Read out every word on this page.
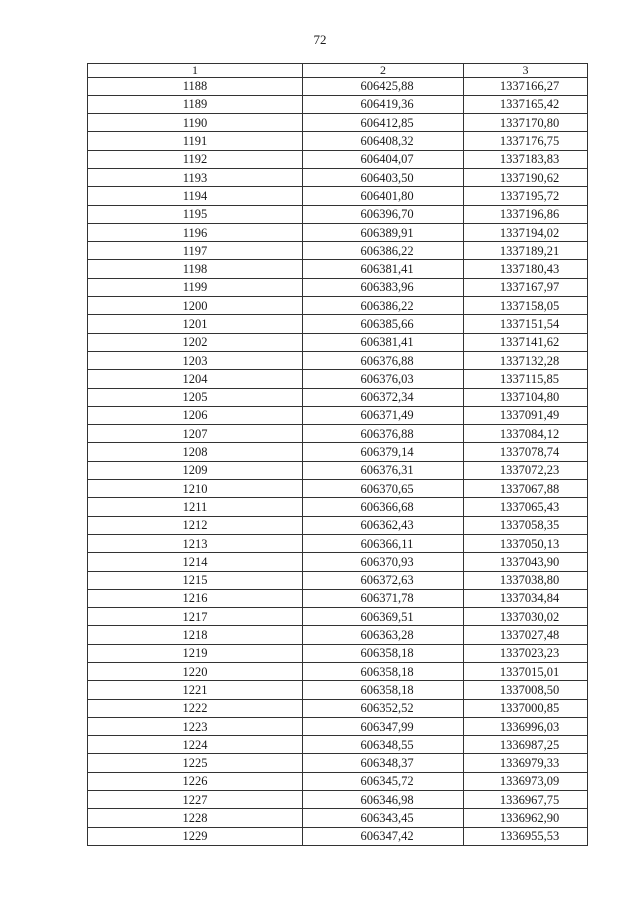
72
1	2	3
1188	606425,88	1337166,27
1189	606419,36	1337165,42
1190	606412,85	1337170,80
1191	606408,32	1337176,75
1192	606404,07	1337183,83
1193	606403,50	1337190,62
1194	606401,80	1337195,72
1195	606396,70	1337196,86
1196	606389,91	1337194,02
1197	606386,22	1337189,21
1198	606381,41	1337180,43
1199	606383,96	1337167,97
1200	606386,22	1337158,05
1201	606385,66	1337151,54
1202	606381,41	1337141,62
1203	606376,88	1337132,28
1204	606376,03	1337115,85
1205	606372,34	1337104,80
1206	606371,49	1337091,49
1207	606376,88	1337084,12
1208	606379,14	1337078,74
1209	606376,31	1337072,23
1210	606370,65	1337067,88
1211	606366,68	1337065,43
1212	606362,43	1337058,35
1213	606366,11	1337050,13
1214	606370,93	1337043,90
1215	606372,63	1337038,80
1216	606371,78	1337034,84
1217	606369,51	1337030,02
1218	606363,28	1337027,48
1219	606358,18	1337023,23
1220	606358,18	1337015,01
1221	606358,18	1337008,50
1222	606352,52	1337000,85
1223	606347,99	1336996,03
1224	606348,55	1336987,25
1225	606348,37	1336979,33
1226	606345,72	1336973,09
1227	606346,98	1336967,75
1228	606343,45	1336962,90
1229	606347,42	1336955,53
